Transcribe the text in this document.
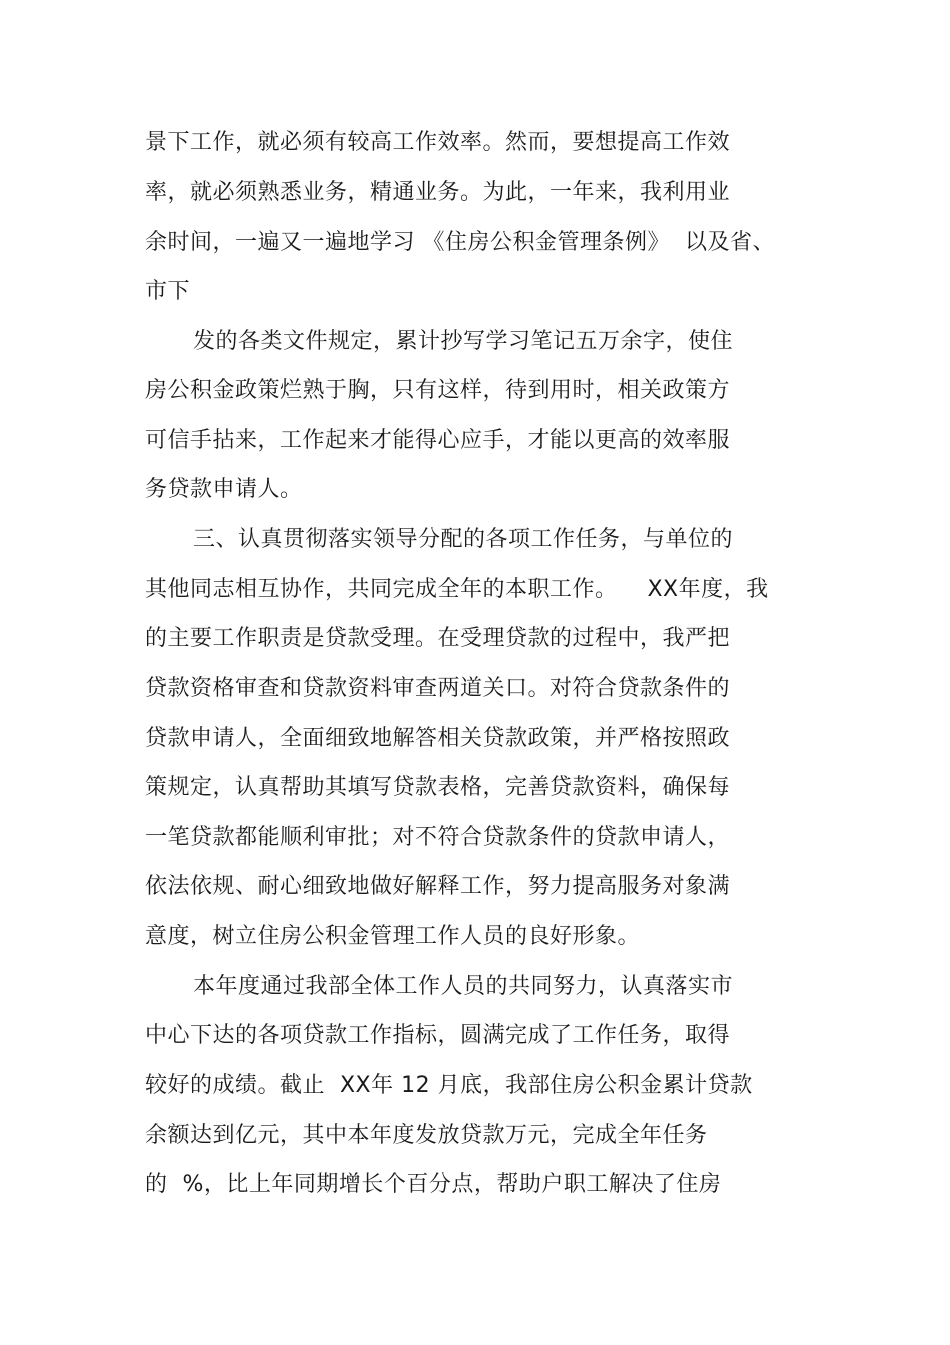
景下工作，就必须有较高工作效率。然而，要想提高工作效

率，就必须熟悉业务，精通业务。为此，一年来，我利用业

余时间，一遍又一遍地学习 《住房公积金管理条例》  以及省、

市下

发的各类文件规定，累计抄写学习笔记五万余字，使住

房公积金政策烂熟于胸，只有这样，待到用时，相关政策方

可信手拈来，工作起来才能得心应手，才能以更高的效率服

务贷款申请人。

三、认真贯彻落实领导分配的各项工作任务，与单位的

其他同志相互协作，共同完成全年的本职工作。    XX年度，我

的主要工作职责是贷款受理。在受理贷款的过程中，我严把

贷款资格审查和贷款资料审查两道关口。对符合贷款条件的

贷款申请人，全面细致地解答相关贷款政策，并严格按照政

策规定，认真帮助其填写贷款表格，完善贷款资料，确保每

一笔贷款都能顺利审批；对不符合贷款条件的贷款申请人，

依法依规、耐心细致地做好解释工作，努力提高服务对象满

意度，树立住房公积金管理工作人员的良好形象。

本年度通过我部全体工作人员的共同努力，认真落实市

中心下达的各项贷款工作指标，圆满完成了工作任务，取得

较好的成绩。截止  XX年 12 月底，我部住房公积金累计贷款

余额达到亿元，其中本年度发放贷款万元，完成全年任务

的  %，比上年同期增长个百分点，帮助户职工解决了住房
